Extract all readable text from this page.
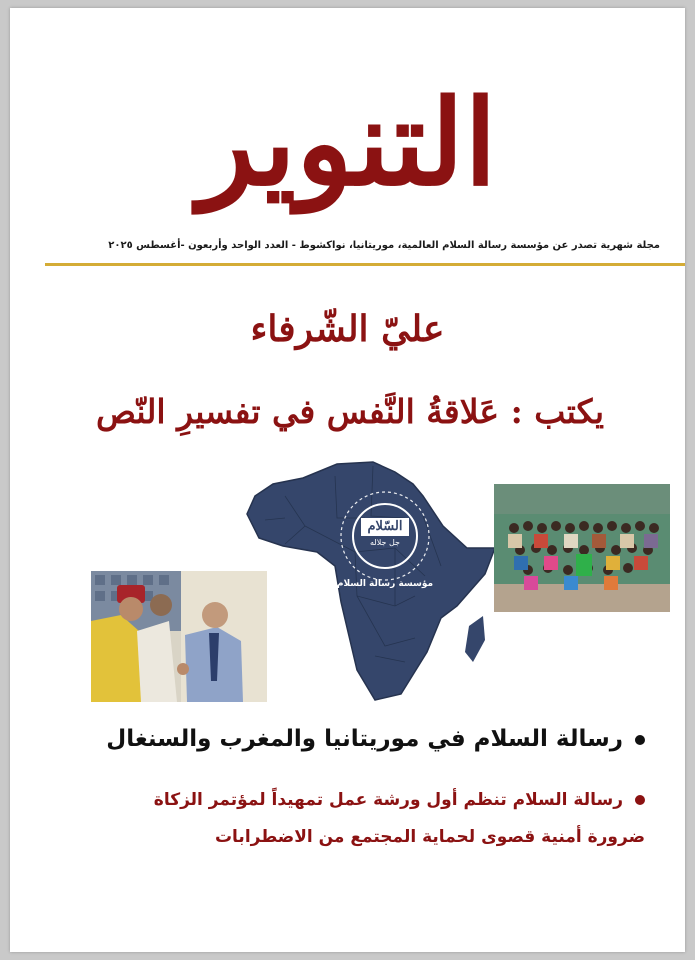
التنوير
مجلة شهرية تصدر عن مؤسسة رسالة السلام العالمية، موريتانيا، نواكشوط - العدد الواحد وأربعون -أغسطس ٢٠٢٥
عليّ الشّرفاء
يكتب : عَلاقةُ النَّفس في تفسيرِ النّص
السّلام
جل جلاله
مؤسسة رسالة السلام
رسالة السلام في موريتانيا والمغرب والسنغال
رسالة السلام تنظم أول ورشة عمل تمهيداً لمؤتمر الزكاة
ضرورة أمنية قصوى لحماية المجتمع من الاضطرابات
